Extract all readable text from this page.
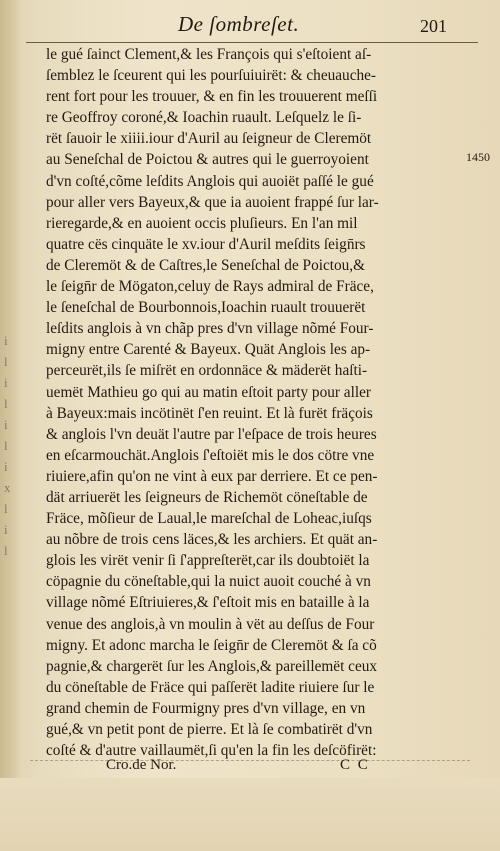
i
l
i
l
i
l
i
x
l
i
l
De ſombreſet.	201
le gué ſainct Clement,& les François qui s'eſtoient aſ-
ſemblez le ſceurent qui les pourſuiuirët: & cheuauche-
rent fort pour les trouuer, & en fin les trouuerent meſſi
re Geoffroy coroné,& Ioachin ruault. Leſquelz le ſi-
rët ſauoir le xiiii.iour d'Auril au ſeigneur de Cleremöt
au Seneſchal de Poictou & autres qui le guerroyoient
d'vn coſté,cõme leſdits Anglois qui auoiët paſſé le gué
pour aller vers Bayeux,& que ia auoient frappé ſur lar-
rieregarde,& en auoient occis pluſieurs. En l'an mil
quatre cës cinquäte le xv.iour d'Auril meſdits ſeign̄rs
de Cleremöt & de Caſtres,le Seneſchal de Poictou,&
le ſeign̄r de Mögaton,celuy de Rays admiral de Fräce,
le ſeneſchal de Bourbonnois,Ioachin ruault trouuerët
leſdits anglois à vn chãp pres d'vn village nõmé Four-
migny entre Carenté & Bayeux. Quät Anglois les ap-
perceurët,ils ſe miſrët en ordonnäce & mäderët haſti-
uemët Mathieu go qui au matin eſtoit party pour aller
à Bayeux:mais incötinët ſ'en reuint. Et là furët fräçois
& anglois l'vn deuät l'autre par l'eſpace de trois heures
en eſcarmouchät.Anglois ſ'eſtoiët mis le dos cötre vne
riuiere,afin qu'on ne vint à eux par derriere. Et ce pen-
dät arriuerët les ſeigneurs de Richemöt cöneſtable de
Fräce, mõſieur de Laual,le mareſchal de Loheac,iuſqs
au nõbre de trois cens läces,& les archiers. Et quät an-
glois les virët venir ſi ſ'appreſterët,car ils doubtoiët la
cöpagnie du cöneſtable,qui la nuict auoit couché à vn
village nõmé Eſtriuieres,& ſ'eſtoit mis en bataille à la
venue des anglois,à vn moulin à vët au deſſus de Four
migny. Et adonc marcha le ſeign̄r de Cleremöt & ſa cõ
pagnie,& chargerët ſur les Anglois,& pareillemët ceux
du cöneſtable de Fräce qui paſſerët ladite riuiere ſur le
grand chemin de Fourmigny pres d'vn village, en vn
gué,& vn petit pont de pierre. Et là ſe combatirët d'vn
coſté & d'autre vaillaumët,ſi qu'en la fin les deſcöfirët:
1450
Cro.de Nor.	C C
